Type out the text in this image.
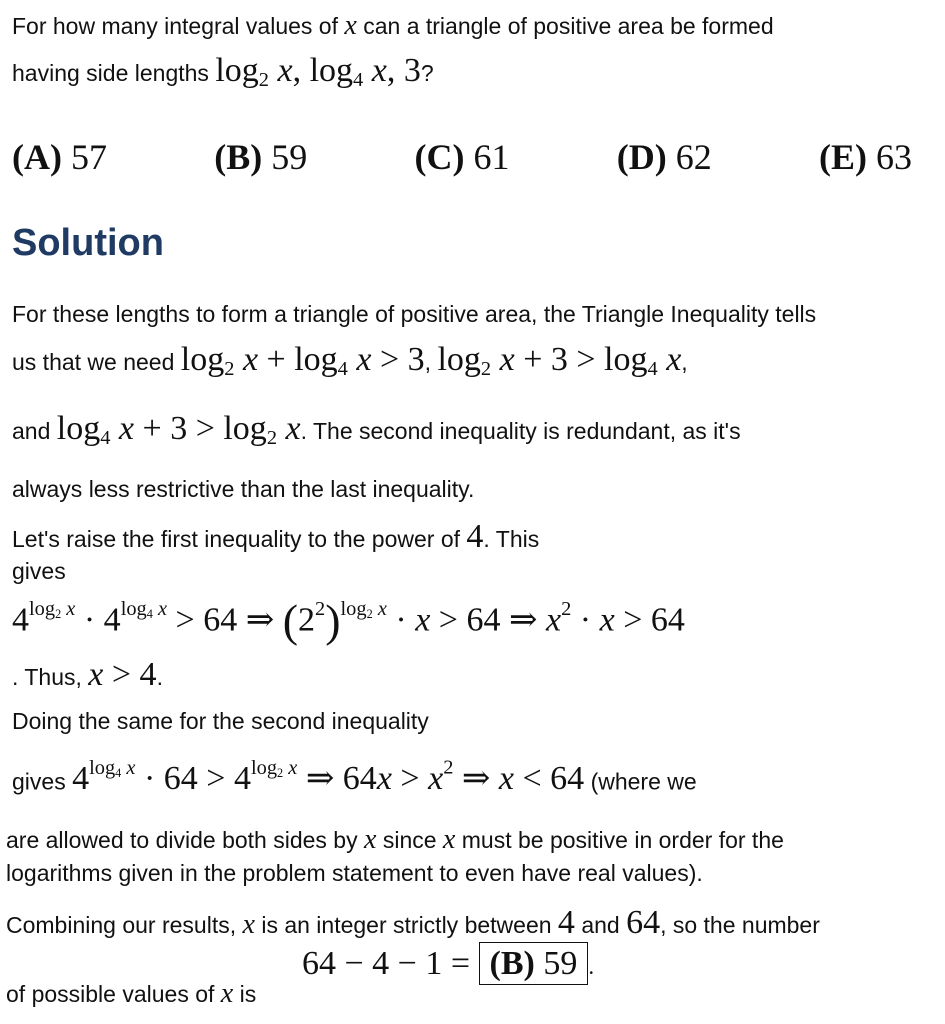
For how many integral values of x can a triangle of positive area be formed
having side lengths $\log_2 x$, $\log_4 x$, 3?
(A) 57	(B) 59	(C) 61	(D) 62	(E) 63
Solution
For these lengths to form a triangle of positive area, the Triangle Inequality tells
us that we need $\log_2 x + \log_4 x > 3$, $\log_2 x + 3 > \log_4 x$,
and $\log_4 x + 3 > \log_2 x$. The second inequality is redundant, as it's
always less restrictive than the last inequality.
Let's raise the first inequality to the power of 4. This
gives
$4^{log_2 x} \cdot 4^{log_4 x} > 64$ ⇒ $(2^2)^{log_2 x} \cdot x > 64$ ⇒ $x^2 \cdot x > 64$
. Thus, x > 4.
Doing the same for the second inequality
gives $4^{log_4 x} \cdot 64 > 4^{log_2 x}$ ⇒ $64x > x^2$ ⇒ x < 64 (where we
are allowed to divide both sides by x since x must be positive in order for the
logarithms given in the problem statement to even have real values).
Combining our results, x is an integer strictly between 4 and 64, so the number
of possible values of x is
64 − 4 − 1 = (B) 59 .
